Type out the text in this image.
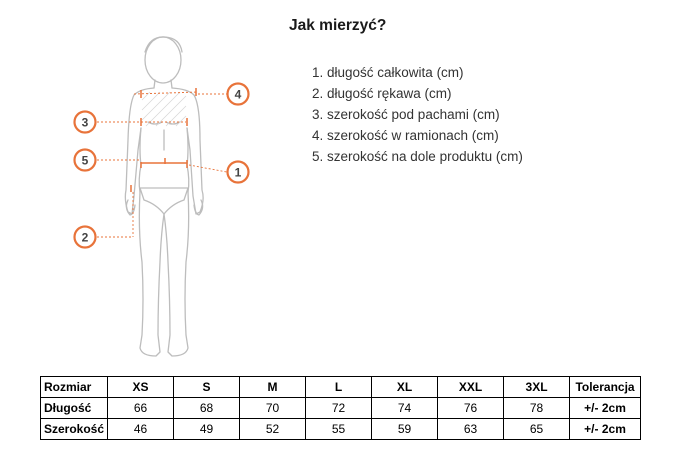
Jak mierzyć?
1. długość całkowita (cm)
2. długość rękawa (cm)
3. szerokość pod pachami (cm)
4. szerokość w ramionach (cm)
5. szerokość na dole produktu (cm)
3
5
2
4
1
Rozmiar	XS	S	M	L	XL	XXL	3XL	Tolerancja
Długość	66	68	70	72	74	76	78	+/- 2cm
Szerokość	46	49	52	55	59	63	65	+/- 2cm
